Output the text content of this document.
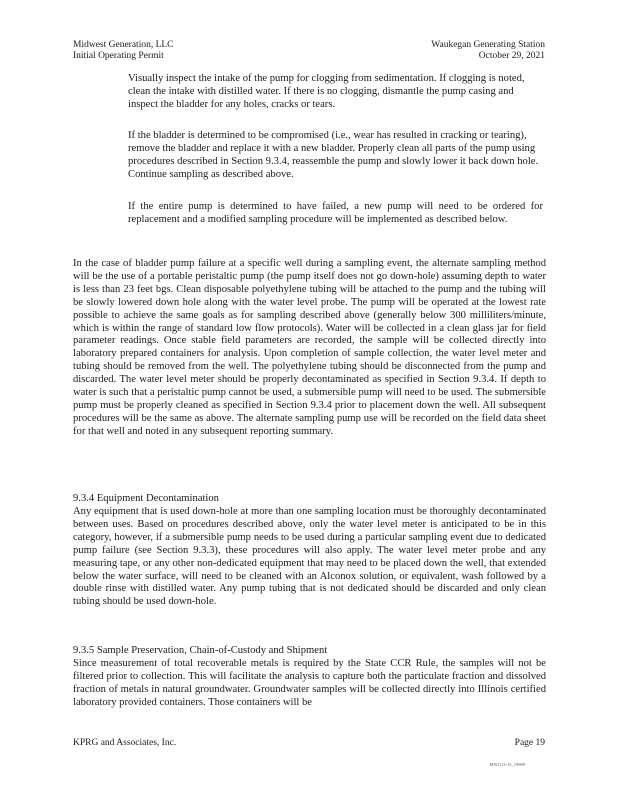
Midwest Generation, LLC
Initial Operating Permit
Waukegan Generating Station
October 29, 2021

Visually inspect the intake of the pump for clogging from sedimentation. If clogging is noted, clean the intake with distilled water. If there is no clogging, dismantle the pump casing and inspect the bladder for any holes, cracks or tears.

If the bladder is determined to be compromised (i.e., wear has resulted in cracking or tearing), remove the bladder and replace it with a new bladder. Properly clean all parts of the pump using procedures described in Section 9.3.4, reassemble the pump and slowly lower it back down hole. Continue sampling as described above.

If the entire pump is determined to have failed, a new pump will need to be ordered for replacement and a modified sampling procedure will be implemented as described below.

In the case of bladder pump failure at a specific well during a sampling event, the alternate sampling method will be the use of a portable peristaltic pump (the pump itself does not go down-hole) assuming depth to water is less than 23 feet bgs. Clean disposable polyethylene tubing will be attached to the pump and the tubing will be slowly lowered down hole along with the water level probe. The pump will be operated at the lowest rate possible to achieve the same goals as for sampling described above (generally below 300 milliliters/minute, which is within the range of standard low flow protocols). Water will be collected in a clean glass jar for field parameter readings. Once stable field parameters are recorded, the sample will be collected directly into laboratory prepared containers for analysis. Upon completion of sample collection, the water level meter and tubing should be removed from the well. The polyethylene tubing should be disconnected from the pump and discarded. The water level meter should be properly decontaminated as specified in Section 9.3.4. If depth to water is such that a peristaltic pump cannot be used, a submersible pump will need to be used. The submersible pump must be properly cleaned as specified in Section 9.3.4 prior to placement down the well. All subsequent procedures will be the same as above. The alternate sampling pump use will be recorded on the field data sheet for that well and noted in any subsequent reporting summary.

9.3.4 Equipment Decontamination

Any equipment that is used down-hole at more than one sampling location must be thoroughly decontaminated between uses. Based on procedures described above, only the water level meter is anticipated to be in this category, however, if a submersible pump needs to be used during a particular sampling event due to dedicated pump failure (see Section 9.3.3), these procedures will also apply. The water level meter probe and any measuring tape, or any other non-dedicated equipment that may need to be placed down the well, that extended below the water surface, will need to be cleaned with an Alconox solution, or equivalent, wash followed by a double rinse with distilled water. Any pump tubing that is not dedicated should be discarded and only clean tubing should be used down-hole.

9.3.5 Sample Preservation, Chain-of-Custody and Shipment

Since measurement of total recoverable metals is required by the State CCR Rule, the samples will not be filtered prior to collection. This will facilitate the analysis to capture both the particulate fraction and dissolved fraction of metals in natural groundwater. Groundwater samples will be collected directly into Illinois certified laboratory provided containers. Those containers will be

KPRG and Associates, Inc.	Page 19
MWG13-15_19989
